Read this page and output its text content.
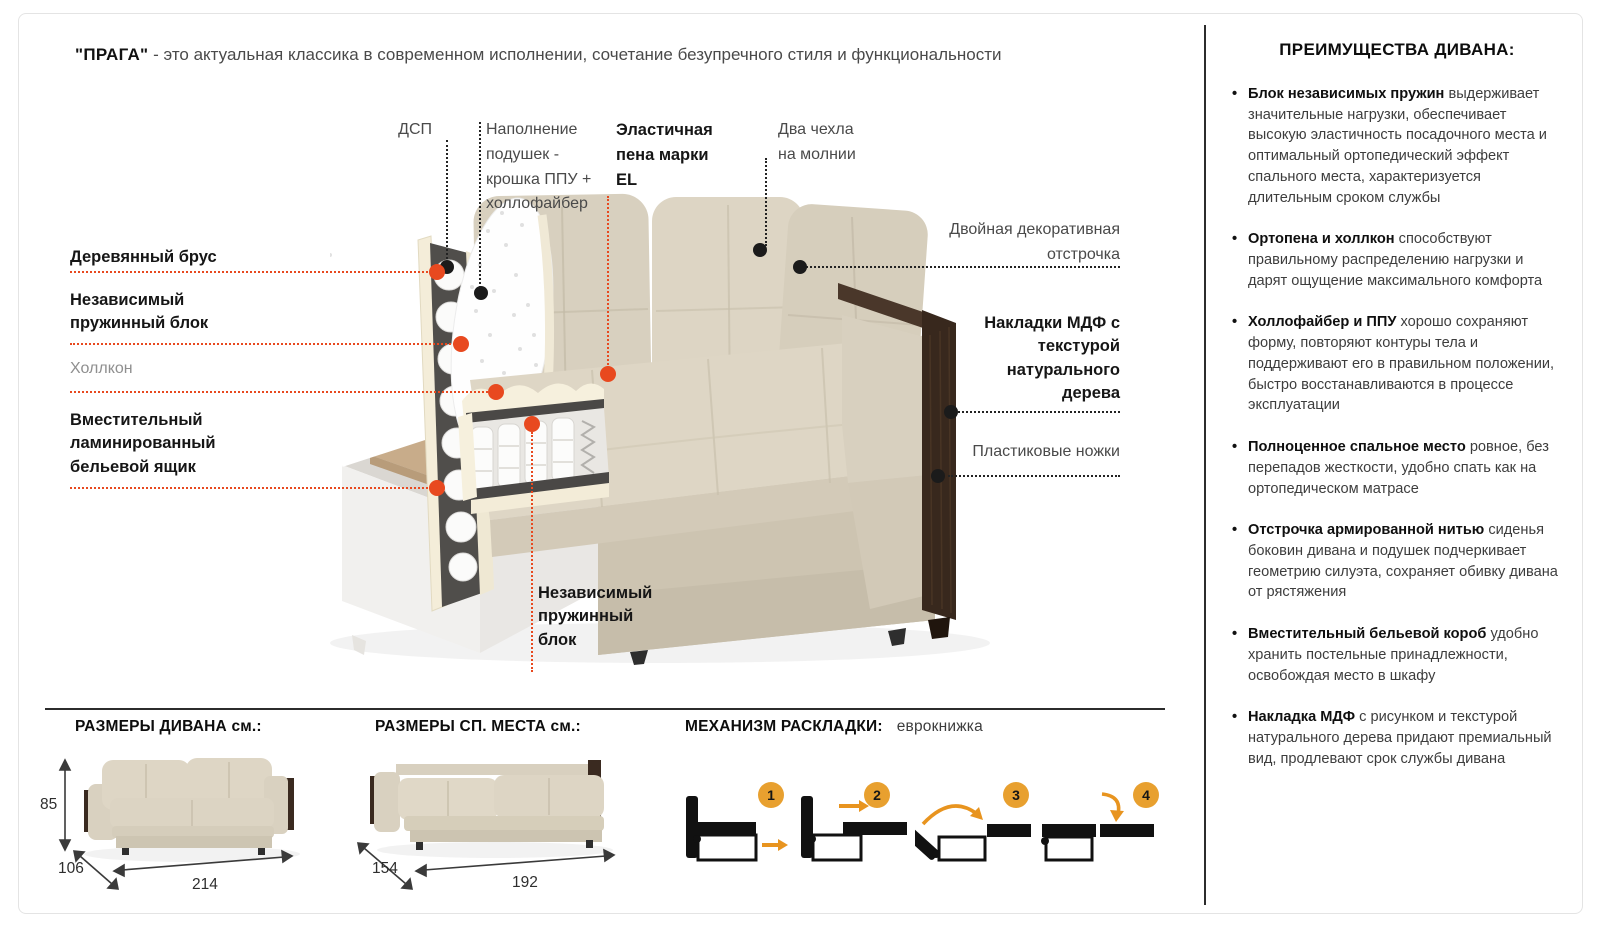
"ПРАГА" - это актуальная классика в современном исполнении, сочетание безупречного стиля и функциональности
ДСП	Наполнение подушек - крошка ППУ + холлофайбер
Эластичная пена марки EL
Два чехла на молнии
Деревянный брус
Независимый пружинный блок
Холлкон
Вместительный ламинированный бельевой ящик
Двойная декоративная отстрочка
Накладки МДФ с текстурой натурального дерева
Пластиковые ножки
Независимый пружинный блок
РАЗМЕРЫ ДИВАНА см.:
85
106
214
РАЗМЕРЫ СП. МЕСТА см.:
154
192
МЕХАНИЗМ РАСКЛАДКИ: еврокнижка
1	2	3	4
ПРЕИМУЩЕСТВА ДИВАНА:
• Блок независимых пружин выдерживает значительные нагрузки, обеспечивает высокую эластичность посадочного места и оптимальный ортопедический эффект спального места, характеризуется длительным сроком службы
• Ортопена и холлкон способствуют правильному распределению нагрузки и дарят ощущение максимального комфорта
• Холлофайбер и ППУ хорошо сохраняют форму, повторяют контуры тела и поддерживают его в правильном положении, быстро восстанавливаются в процессе эксплуатации
• Полноценное спальное место ровное, без перепадов жесткости, удобно спать как на ортопедическом матрасе
• Отстрочка армированной нитью сиденья боковин дивана и подушек подчеркивает геометрию силуэта, сохраняет обивку дивана от рястяжения
• Вместительный бельевой короб удобно хранить постельные принадлежности, освобождая место в шкафу
• Накладка МДФ с рисунком и текстурой натурального дерева придают премиальный вид, продлевают срок службы дивана
